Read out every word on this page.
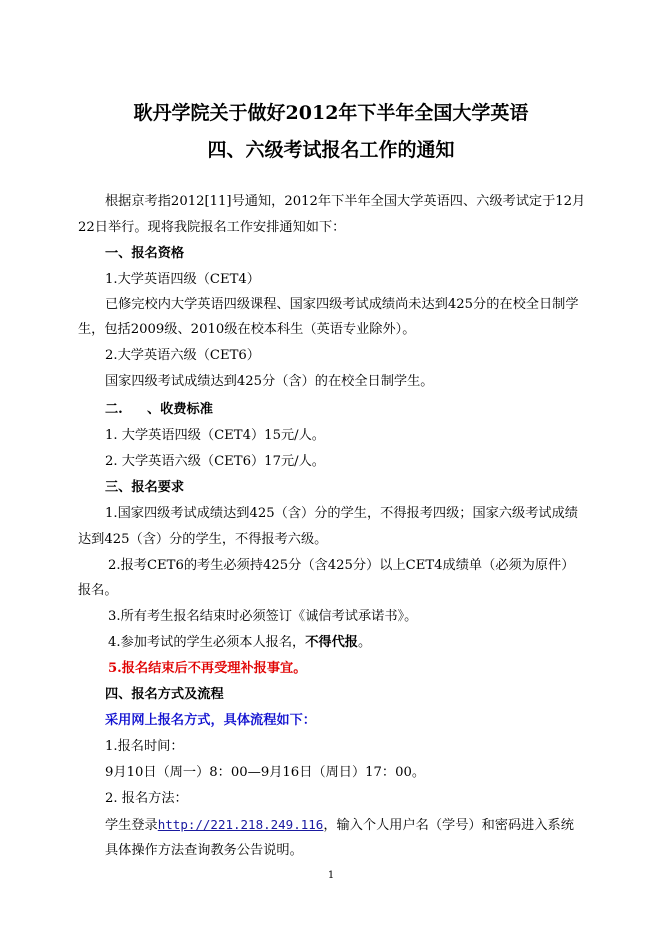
耿丹学院关于做好2012年下半年全国大学英语
四、六级考试报名工作的通知
根据京考指2012[11]号通知，2012年下半年全国大学英语四、六级考试定于12月
22日举行。现将我院报名工作安排通知如下：
一、报名资格
1.大学英语四级（CET4）
已修完校内大学英语四级课程、国家四级考试成绩尚未达到425分的在校全日制学
生，包括2009级、2010级在校本科生（英语专业除外）。
2.大学英语六级（CET6）
国家四级考试成绩达到425分（含）的在校全日制学生。
二. 、收费标准
1. 大学英语四级（CET4）15元/人。
2. 大学英语六级（CET6）17元/人。
三、报名要求
1.国家四级考试成绩达到425（含）分的学生，不得报考四级；国家六级考试成绩
达到425（含）分的学生，不得报考六级。
2.报考CET6的考生必须持425分（含425分）以上CET4成绩单（必须为原件）
报名。
3.所有考生报名结束时必须签订《诚信考试承诺书》。
4.参加考试的学生必须本人报名，不得代报。
5.报名结束后不再受理补报事宜。
四、报名方式及流程
采用网上报名方式，具体流程如下：
1.报名时间：
9月10日（周一）8：00—9月16日（周日）17：00。
2. 报名方法：
学生登录http://221.218.249.116，输入个人用户名（学号）和密码进入系统
具体操作方法查询教务公告说明。
1
